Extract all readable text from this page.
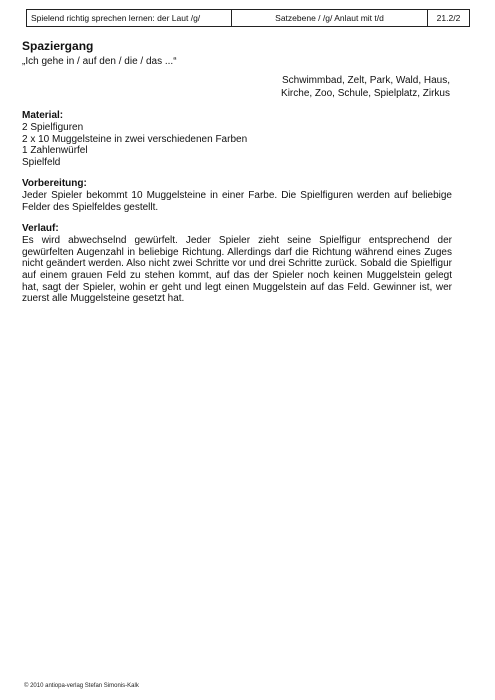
Spielend richtig sprechen lernen: der Laut /g/	Satzebene / /g/ Anlaut mit t/d	21.2/2
Spaziergang

„Ich gehe in / auf den / die / das ...“

Schwimmbad, Zelt, Park, Wald, Haus,
Kirche, Zoo, Schule, Spielplatz, Zirkus
Material:

2 Spielfiguren

2 x 10 Muggelsteine in zwei verschiedenen Farben

1 Zahlenwürfel

Spielfeld

Vorbereitung:

Jeder Spieler bekommt 10 Muggelsteine in einer Farbe. Die Spielfiguren werden auf beliebige Felder des Spielfeldes gestellt.

Verlauf:

Es wird abwechselnd gewürfelt. Jeder Spieler zieht seine Spielfigur entsprechend der gewürfelten Augenzahl in beliebige Richtung. Allerdings darf die Richtung während eines Zuges nicht geändert werden. Also nicht zwei Schritte vor und drei Schritte zurück. Sobald die Spielfigur auf einem grauen Feld zu stehen kommt, auf das der Spieler noch keinen Muggelstein gelegt hat, sagt der Spieler, wohin er geht und legt einen Muggelstein auf das Feld. Gewinner ist, wer zuerst alle Muggelsteine gesetzt hat.

© 2010 antiopa-verlag Stefan Simonis-Kalk
